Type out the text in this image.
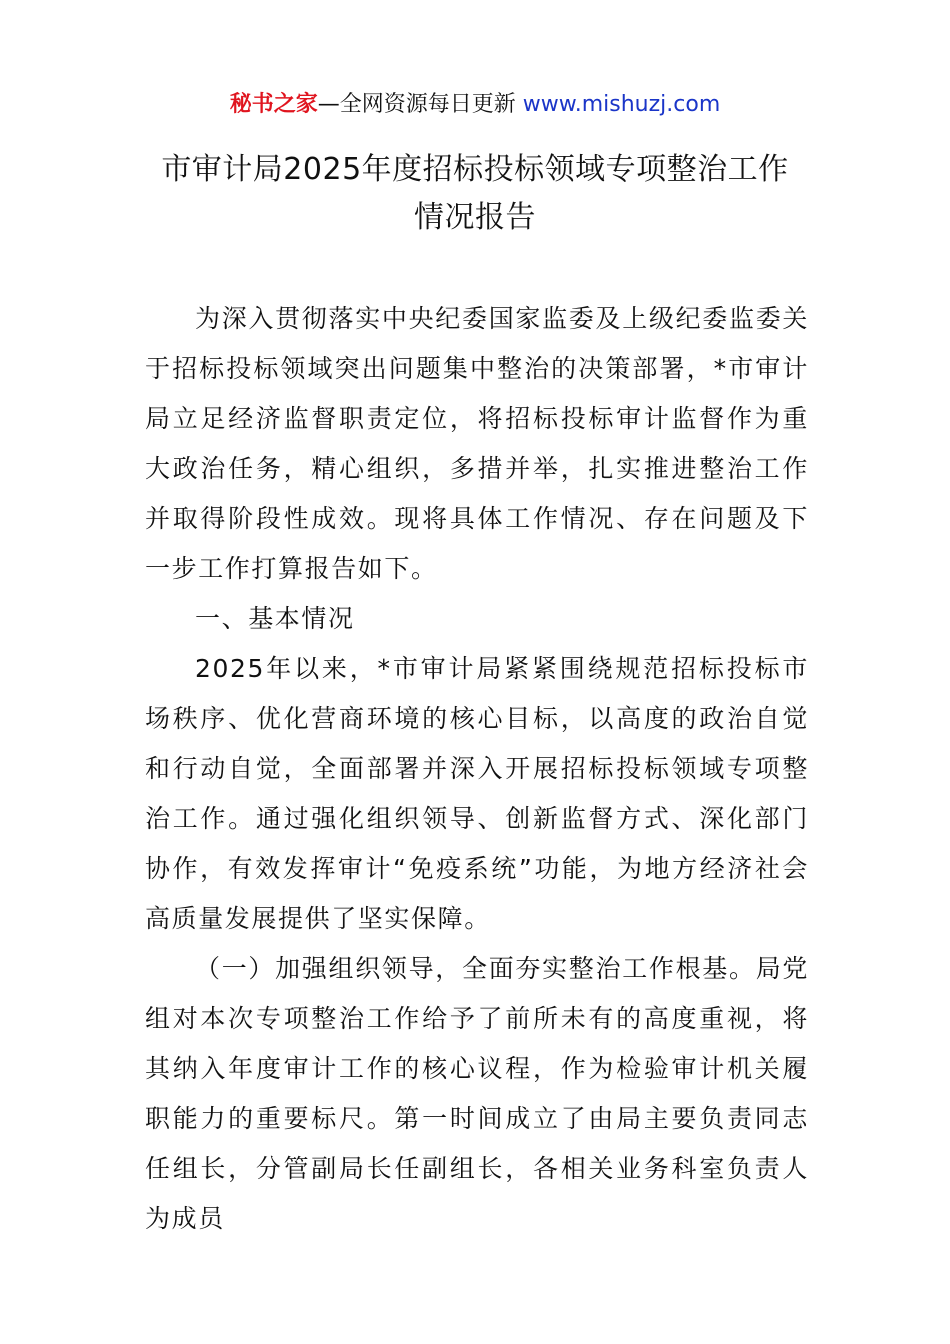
秘书之家—全网资源每日更新 www.mishuzj.com
市审计局2025年度招标投标领域专项整治工作
情况报告

为深入贯彻落实中央纪委国家监委及上级纪委监委关于招标投标领域突出问题集中整治的决策部署，*市审计局立足经济监督职责定位，将招标投标审计监督作为重大政治任务，精心组织，多措并举，扎实推进整治工作并取得阶段性成效。现将具体工作情况、存在问题及下一步工作打算报告如下。

一、基本情况

2025年以来，*市审计局紧紧围绕规范招标投标市场秩序、优化营商环境的核心目标，以高度的政治自觉和行动自觉，全面部署并深入开展招标投标领域专项整治工作。通过强化组织领导、创新监督方式、深化部门协作，有效发挥审计“免疫系统”功能，为地方经济社会高质量发展提供了坚实保障。

（一）加强组织领导，全面夯实整治工作根基。局党组对本次专项整治工作给予了前所未有的高度重视，将其纳入年度审计工作的核心议程，作为检验审计机关履职能力的重要标尺。第一时间成立了由局主要负责同志任组长，分管副局长任副组长，各相关业务科室负责人为成员
